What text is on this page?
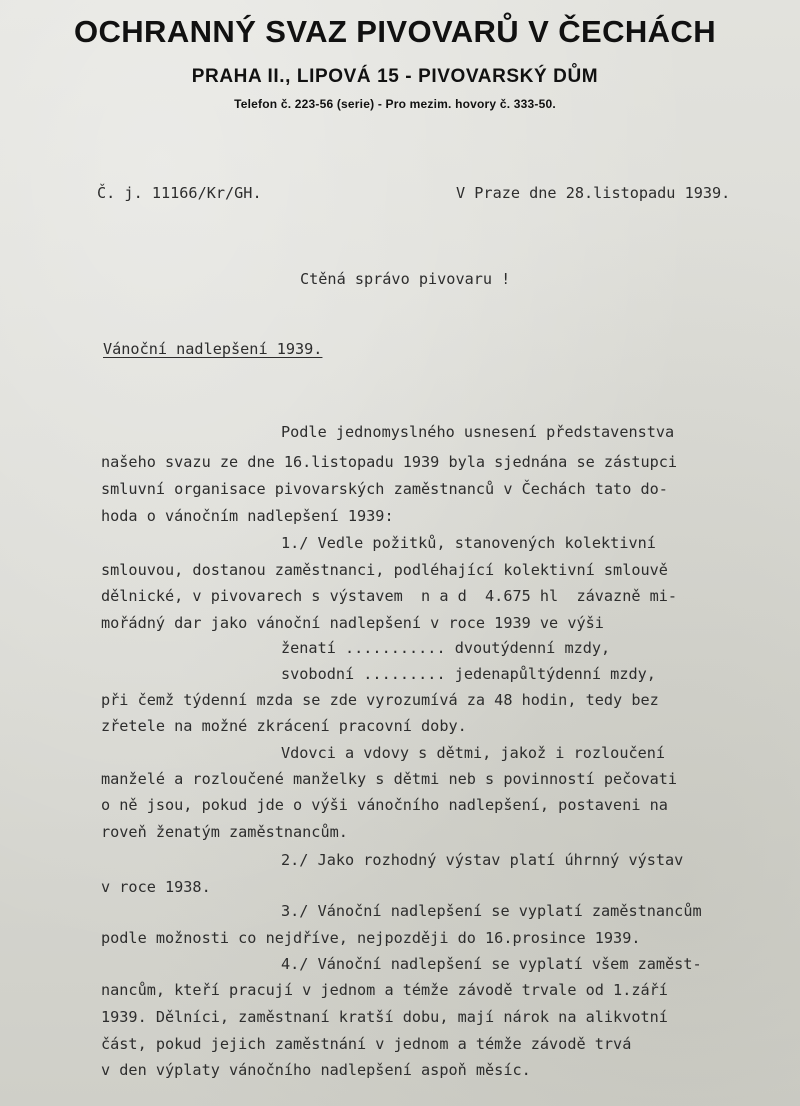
OCHRANNÝ SVAZ PIVOVARŮ V ČECHÁCH
PRAHA II., LIPOVÁ 15 - PIVOVARSKÝ DŮM
Telefon č. 223-56 (serie) - Pro mezim. hovory č. 333-50.
Č. j. 11166/Kr/GH.	V Praze dne 28.listopadu 1939.
Ctěná správo pivovaru !
Vánoční nadlepšení 1939.
Podle jednomyslného usnesení představenstva
našeho svazu ze dne 16.listopadu 1939 byla sjednána se zástupci
smluvní organisace pivovarských zaměstnanců v Čechách tato do-
hoda o vánočním nadlepšení 1939:
1./ Vedle požitků, stanovených kolektivní
smlouvou, dostanou zaměstnanci, podléhající kolektivní smlouvě
dělnické, v pivovarech s výstavem  n a d  4.675 hl  závazně mi-
mořádný dar jako vánoční nadlepšení v roce 1939 ve výši
ženatí ........... dvoutýdenní mzdy,
svobodní ......... jedenapůltýdenní mzdy,
při čemž týdenní mzda se zde vyrozumívá za 48 hodin, tedy bez
zřetele na možné zkrácení pracovní doby.
Vdovci a vdovy s dětmi, jakož i rozloučení
manželé a rozloučené manželky s dětmi neb s povinností pečovati
o ně jsou, pokud jde o výši vánočního nadlepšení, postaveni na
roveň ženatým zaměstnancům.
2./ Jako rozhodný výstav platí úhrnný výstav
v roce 1938.
3./ Vánoční nadlepšení se vyplatí zaměstnancům
podle možnosti co nejdříve, nejpozději do 16.prosince 1939.
4./ Vánoční nadlepšení se vyplatí všem zaměst-
nancům, kteří pracují v jednom a témže závodě trvale od 1.září
1939. Dělníci, zaměstnaní kratší dobu, mají nárok na alikvotní
část, pokud jejich zaměstnání v jednom a témže závodě trvá
v den výplaty vánočního nadlepšení aspoň měsíc.
